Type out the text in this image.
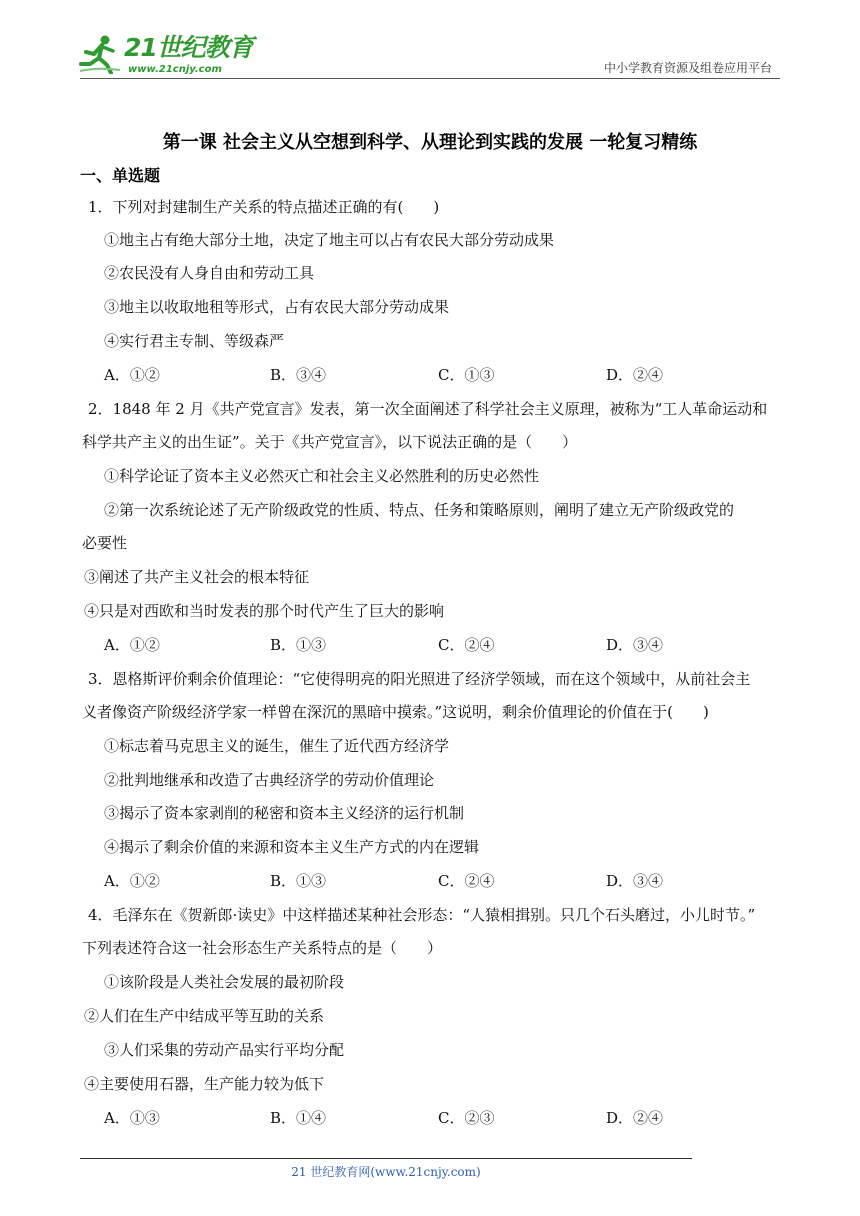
21世纪教育
www.21cnjy.com	中小学教育资源及组卷应用平台
第一课 社会主义从空想到科学、从理论到实践的发展 一轮复习精练
一、单选题
1．下列对封建制生产关系的特点描述正确的有(　　)
①地主占有绝大部分土地，决定了地主可以占有农民大部分劳动成果
②农民没有人身自由和劳动工具
③地主以收取地租等形式，占有农民大部分劳动成果
④实行君主专制、等级森严
A．①②	B．③④	C．①③	D．②④
2．1848 年 2 月《共产党宣言》发表，第一次全面阐述了科学社会主义原理，被称为“工人革命运动和
科学共产主义的出生证”。关于《共产党宣言》，以下说法正确的是（　　）
①科学论证了资本主义必然灭亡和社会主义必然胜利的历史必然性
②第一次系统论述了无产阶级政党的性质、特点、任务和策略原则，阐明了建立无产阶级政党的
必要性
③阐述了共产主义社会的根本特征
④只是对西欧和当时发表的那个时代产生了巨大的影响
A．①②	B．①③	C．②④	D．③④
3．恩格斯评价剩余价值理论：“它使得明亮的阳光照进了经济学领域，而在这个领域中，从前社会主
义者像资产阶级经济学家一样曾在深沉的黑暗中摸索。”这说明，剩余价值理论的价值在于(　　)
①标志着马克思主义的诞生，催生了近代西方经济学
②批判地继承和改造了古典经济学的劳动价值理论
③揭示了资本家剥削的秘密和资本主义经济的运行机制
④揭示了剩余价值的来源和资本主义生产方式的内在逻辑
A．①②	B．①③	C．②④	D．③④
4．毛泽东在《贺新郎·读史》中这样描述某种社会形态：“人猿相揖别。只几个石头磨过，小儿时节。”
下列表述符合这一社会形态生产关系特点的是（　　）
①该阶段是人类社会发展的最初阶段
②人们在生产中结成平等互助的关系
③人们采集的劳动产品实行平均分配
④主要使用石器，生产能力较为低下
A．①③	B．①④	C．②③	D．②④
21 世纪教育网(www.21cnjy.com)
